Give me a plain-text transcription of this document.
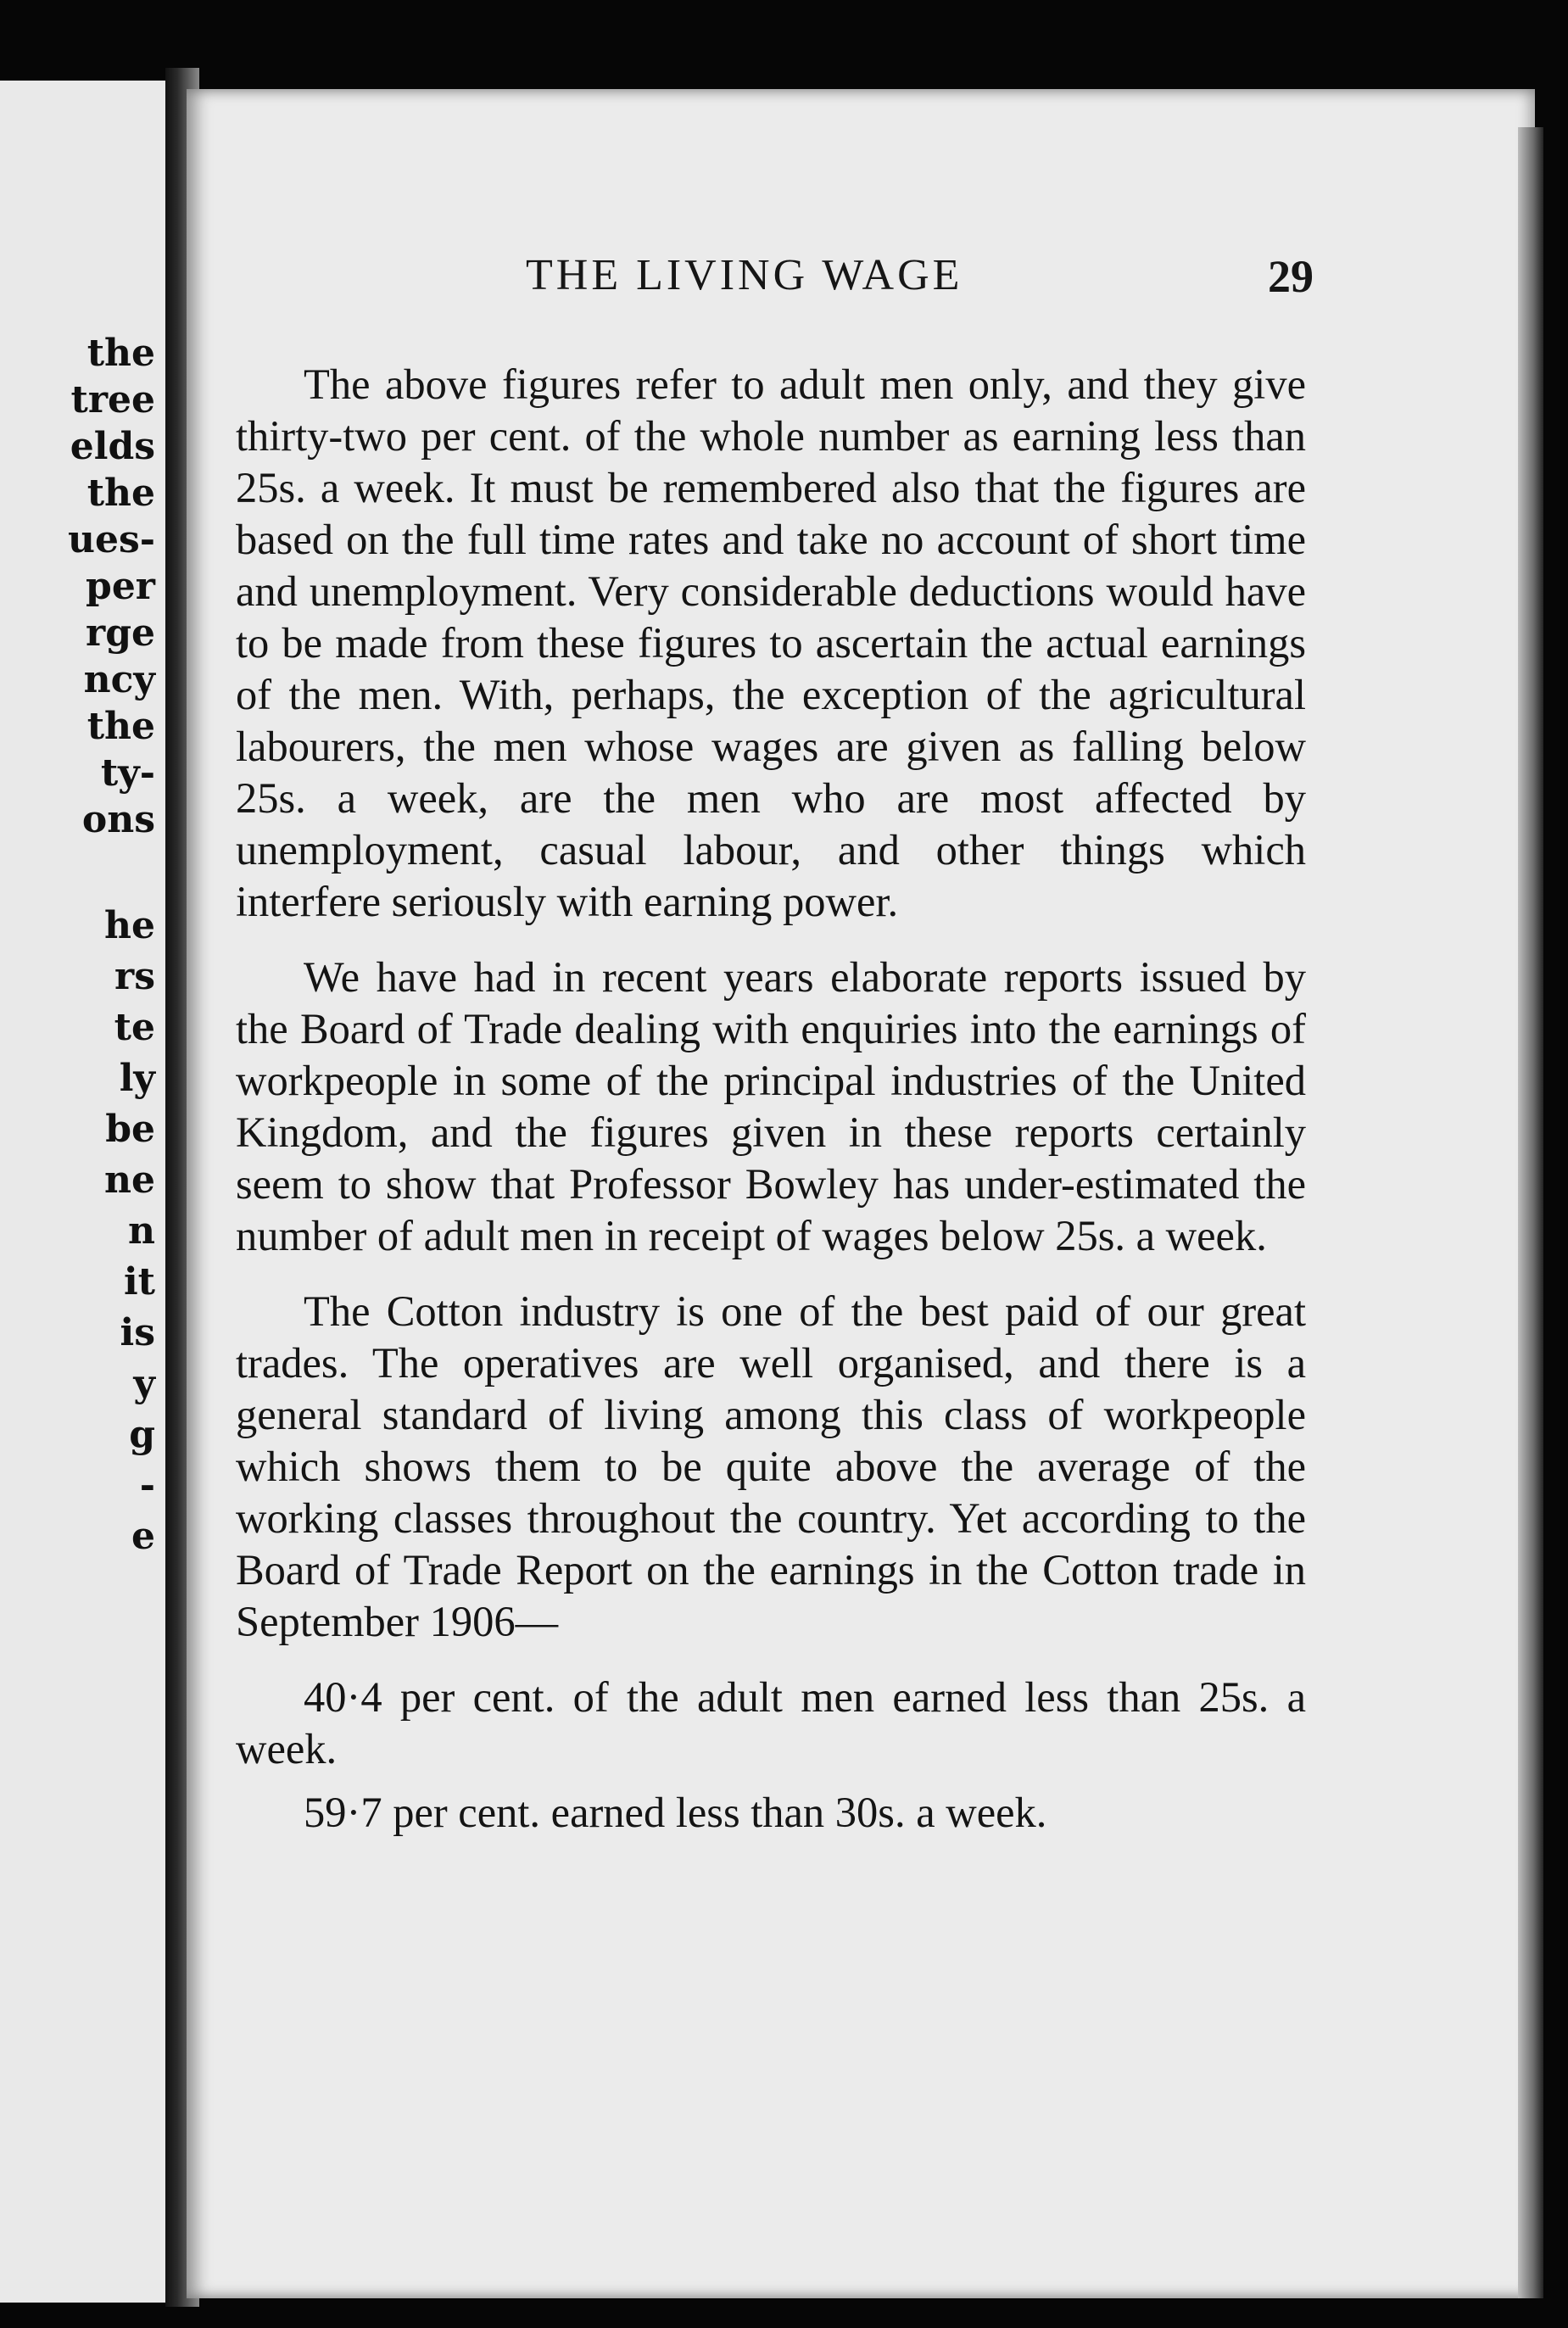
the
tree
elds
the
ues-
per
rge
ncy
the
ty-
ons
he
rs
te
ly
be
ne
n
it
is
y
g
-
e
THE LIVING WAGE	29

The above figures refer to adult men only, and they give thirty-two per cent. of the whole number as earning less than 25s. a week. It must be remembered also that the figures are based on the full time rates and take no account of short time and unemployment. Very considerable deductions would have to be made from these figures to ascertain the actual earnings of the men. With, perhaps, the exception of the agricultural labourers, the men whose wages are given as falling below 25s. a week, are the men who are most affected by unemployment, casual labour, and other things which interfere seriously with earning power.

We have had in recent years elaborate reports issued by the Board of Trade dealing with enquiries into the earnings of workpeople in some of the principal industries of the United Kingdom, and the figures given in these reports certainly seem to show that Professor Bowley has under-estimated the number of adult men in receipt of wages below 25s. a week.

The Cotton industry is one of the best paid of our great trades. The operatives are well organised, and there is a general standard of living among this class of workpeople which shows them to be quite above the average of the working classes throughout the country. Yet according to the Board of Trade Report on the earnings in the Cotton trade in September 1906—

40·4 per cent. of the adult men earned less than 25s. a week.

59·7 per cent. earned less than 30s. a week.
